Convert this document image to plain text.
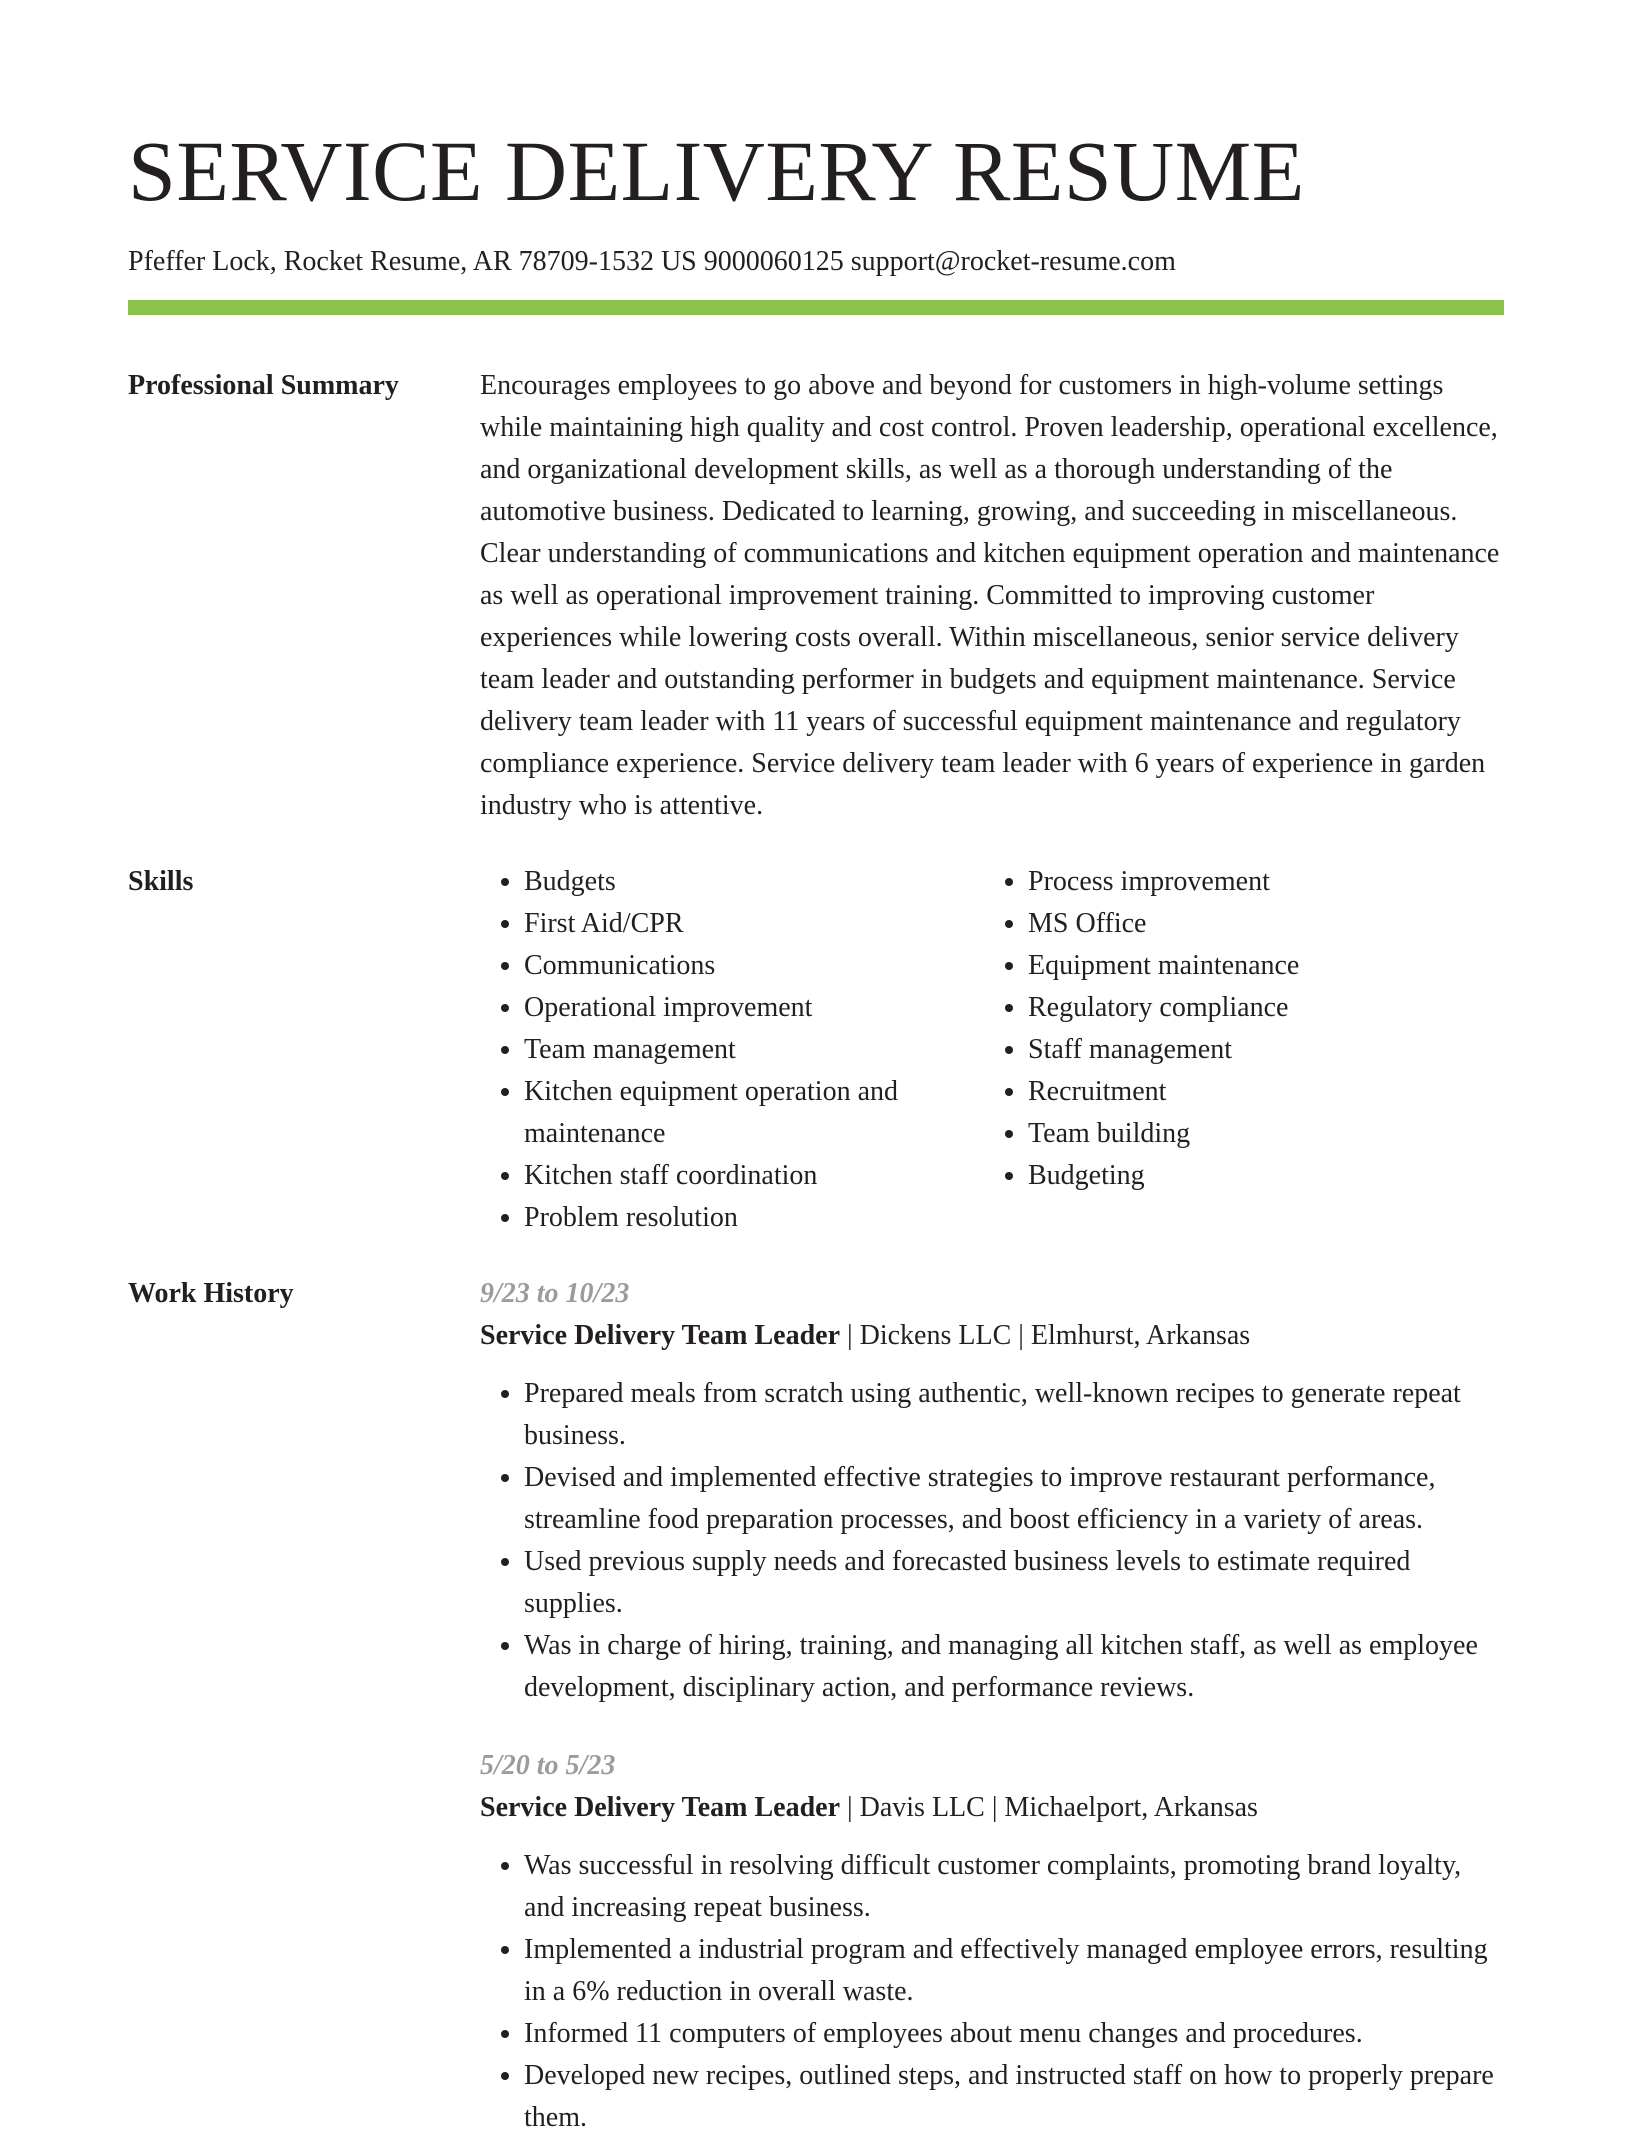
SERVICE DELIVERY RESUME
Pfeffer Lock, Rocket Resume, AR 78709-1532 US 9000060125 support@rocket-resume.com
Professional Summary	Encourages employees to go above and beyond for customers in high-volume settings while maintaining high quality and cost control. Proven leadership, operational excellence, and organizational development skills, as well as a thorough understanding of the automotive business. Dedicated to learning, growing, and succeeding in miscellaneous. Clear understanding of communications and kitchen equipment operation and maintenance as well as operational improvement training. Committed to improving customer experiences while lowering costs overall. Within miscellaneous, senior service delivery team leader and outstanding performer in budgets and equipment maintenance. Service delivery team leader with 11 years of successful equipment maintenance and regulatory compliance experience. Service delivery team leader with 6 years of experience in garden industry who is attentive.

Skills
•	Budgets
• First Aid/CPR
• Communications
• Operational improvement
• Team management
• Kitchen equipment operation and maintenance
• Kitchen staff coordination
• Problem resolution
• Process improvement
• MS Office
• Equipment maintenance
• Regulatory compliance
• Staff management
• Recruitment
• Team building
• Budgeting
Work History	9/23 to 10/23
Service Delivery Team Leader | Dickens LLC | Elmhurst, Arkansas
• Prepared meals from scratch using authentic, well-known recipes to generate repeat business.
• Devised and implemented effective strategies to improve restaurant performance, streamline food preparation processes, and boost efficiency in a variety of areas.
• Used previous supply needs and forecasted business levels to estimate required supplies.
• Was in charge of hiring, training, and managing all kitchen staff, as well as employee development, disciplinary action, and performance reviews.
5/20 to 5/23
Service Delivery Team Leader | Davis LLC | Michaelport, Arkansas
• Was successful in resolving difficult customer complaints, promoting brand loyalty, and increasing repeat business.
• Implemented a industrial program and effectively managed employee errors, resulting in a 6% reduction in overall waste.
• Informed 11 computers of employees about menu changes and procedures.
• Developed new recipes, outlined steps, and instructed staff on how to properly prepare them.
